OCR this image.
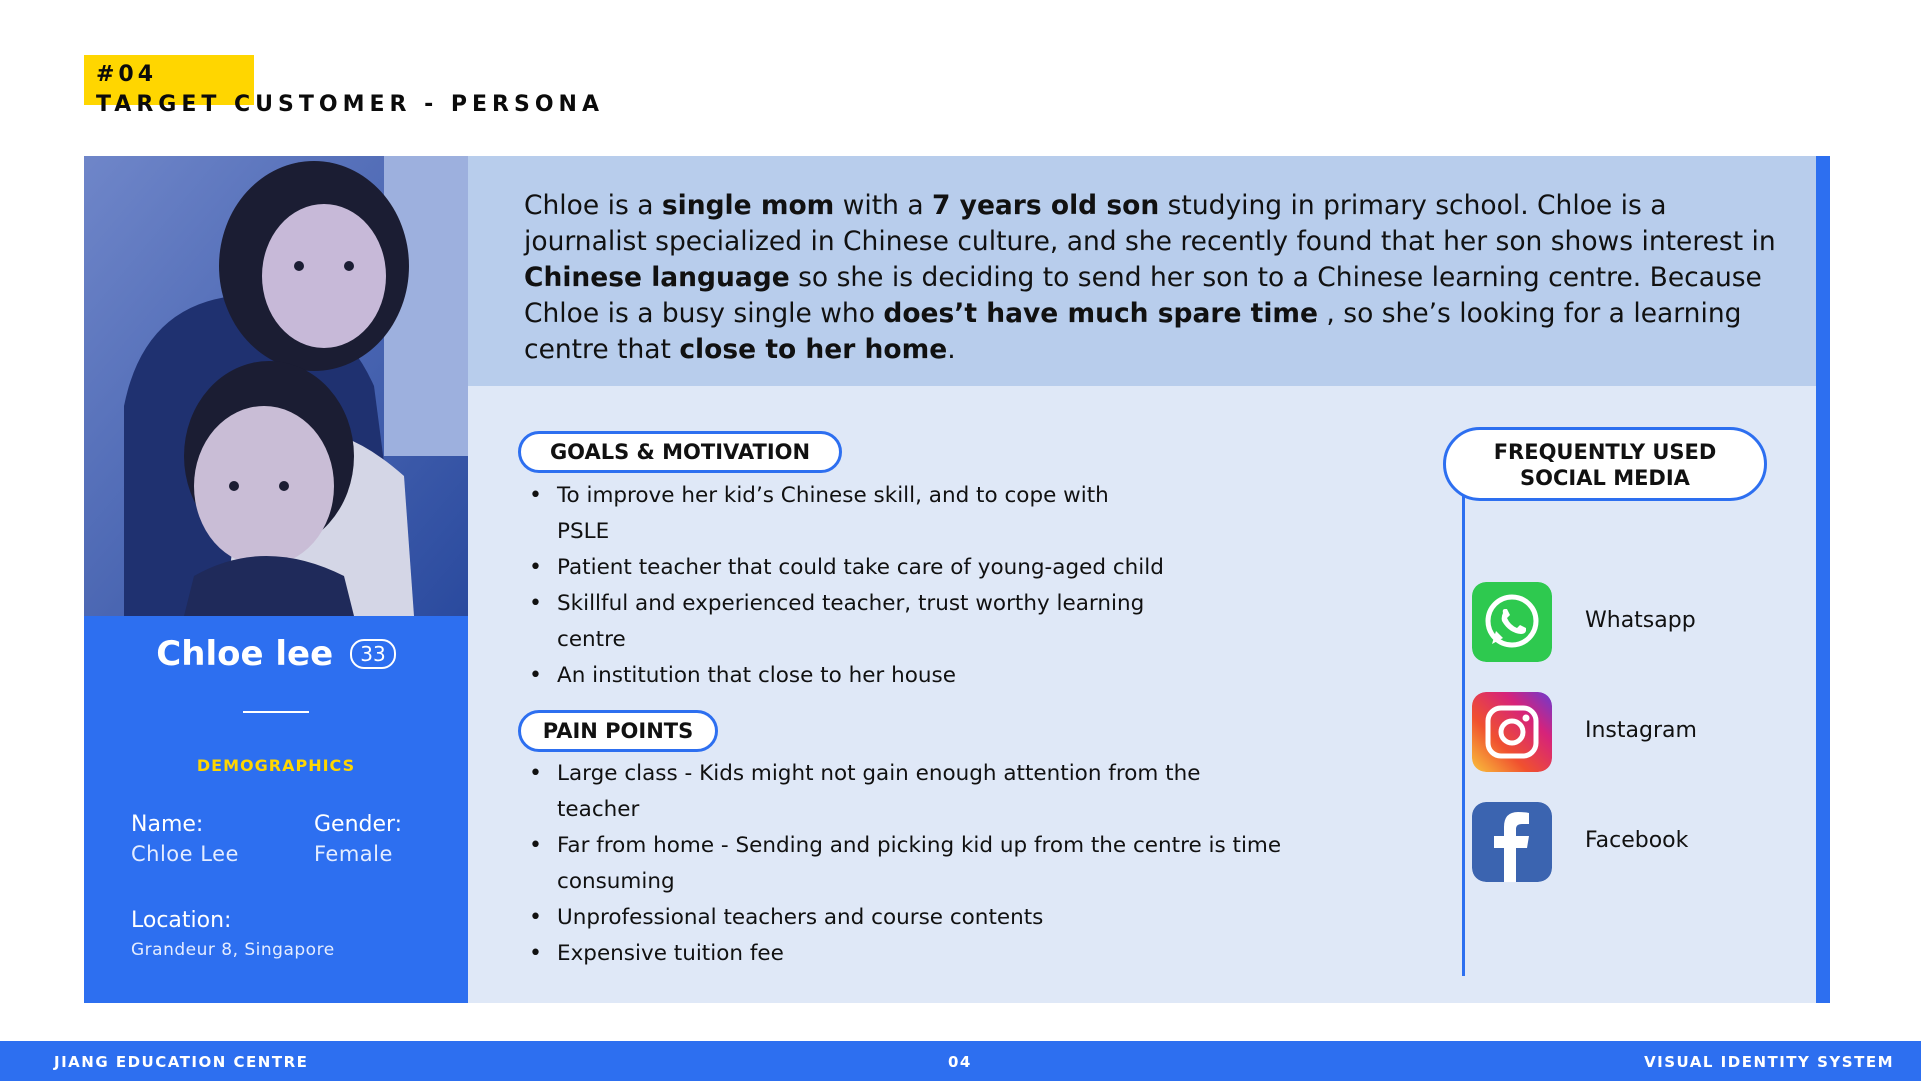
#04
TARGET CUSTOMER - PERSONA
Chloe lee 33
DEMOGRAPHICS
Name:
Chloe Lee
Gender:
Female
Location:
Grandeur 8, Singapore

Chloe is a single mom with a 7 years old son studying in primary school. Chloe is a journalist specialized in Chinese culture, and she recently found that her son shows interest in Chinese language so she is deciding to send her son to a Chinese learning centre. Because Chloe is a busy single who does’t have much spare time , so she’s looking for a learning centre that close to her home.

GOALS & MOTIVATION
• To improve her kid’s Chinese skill, and to cope with PSLE
• Patient teacher that could take care of young-aged child
• Skillful and experienced teacher, trust worthy learning centre
• An institution that close to her house
PAIN POINTS
• Large class - Kids might not gain enough attention from the teacher
• Far from home - Sending and picking kid up from the centre is time consuming
• Unprofessional teachers and course contents
• Expensive tuition fee
FREQUENTLY USED
SOCIAL MEDIA
Whatsapp
Instagram
Facebook
JIANG EDUCATION CENTRE	04	VISUAL IDENTITY SYSTEM
